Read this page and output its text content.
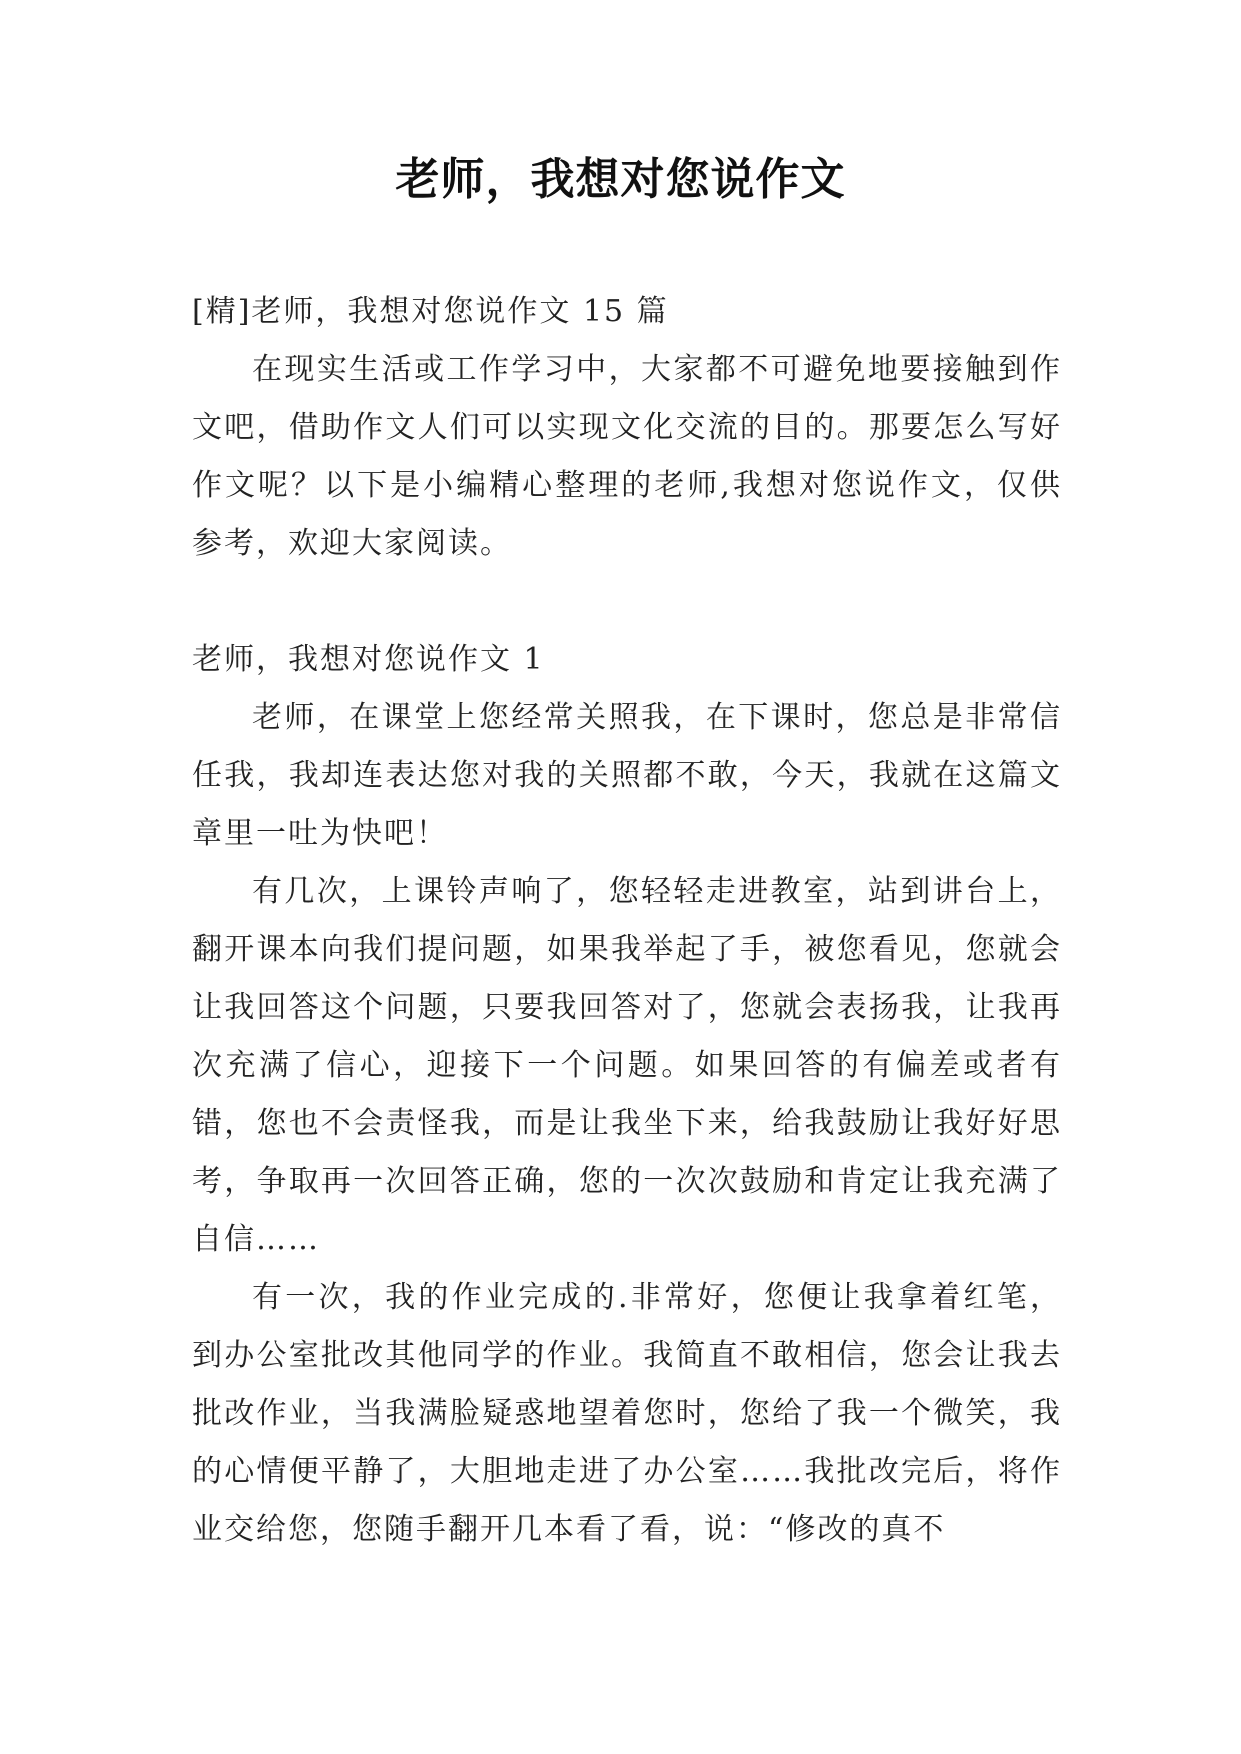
老师，我想对您说作文

[精]老师，我想对您说作文 15 篇

在现实生活或工作学习中，大家都不可避免地要接触到作文吧，借助作文人们可以实现文化交流的目的。那要怎么写好作文呢？以下是小编精心整理的老师,我想对您说作文，仅供参考，欢迎大家阅读。

老师，我想对您说作文 1

老师，在课堂上您经常关照我，在下课时，您总是非常信任我，我却连表达您对我的关照都不敢，今天，我就在这篇文章里一吐为快吧！

有几次，上课铃声响了，您轻轻走进教室，站到讲台上，翻开课本向我们提问题，如果我举起了手，被您看见，您就会让我回答这个问题，只要我回答对了，您就会表扬我，让我再次充满了信心，迎接下一个问题。如果回答的有偏差或者有错，您也不会责怪我，而是让我坐下来，给我鼓励让我好好思考，争取再一次回答正确，您的一次次鼓励和肯定让我充满了自信……

有一次，我的作业完成的.非常好，您便让我拿着红笔，到办公室批改其他同学的作业。我简直不敢相信，您会让我去批改作业，当我满脸疑惑地望着您时，您给了我一个微笑，我的心情便平静了，大胆地走进了办公室……我批改完后，将作业交给您，您随手翻开几本看了看，说：“修改的真不
